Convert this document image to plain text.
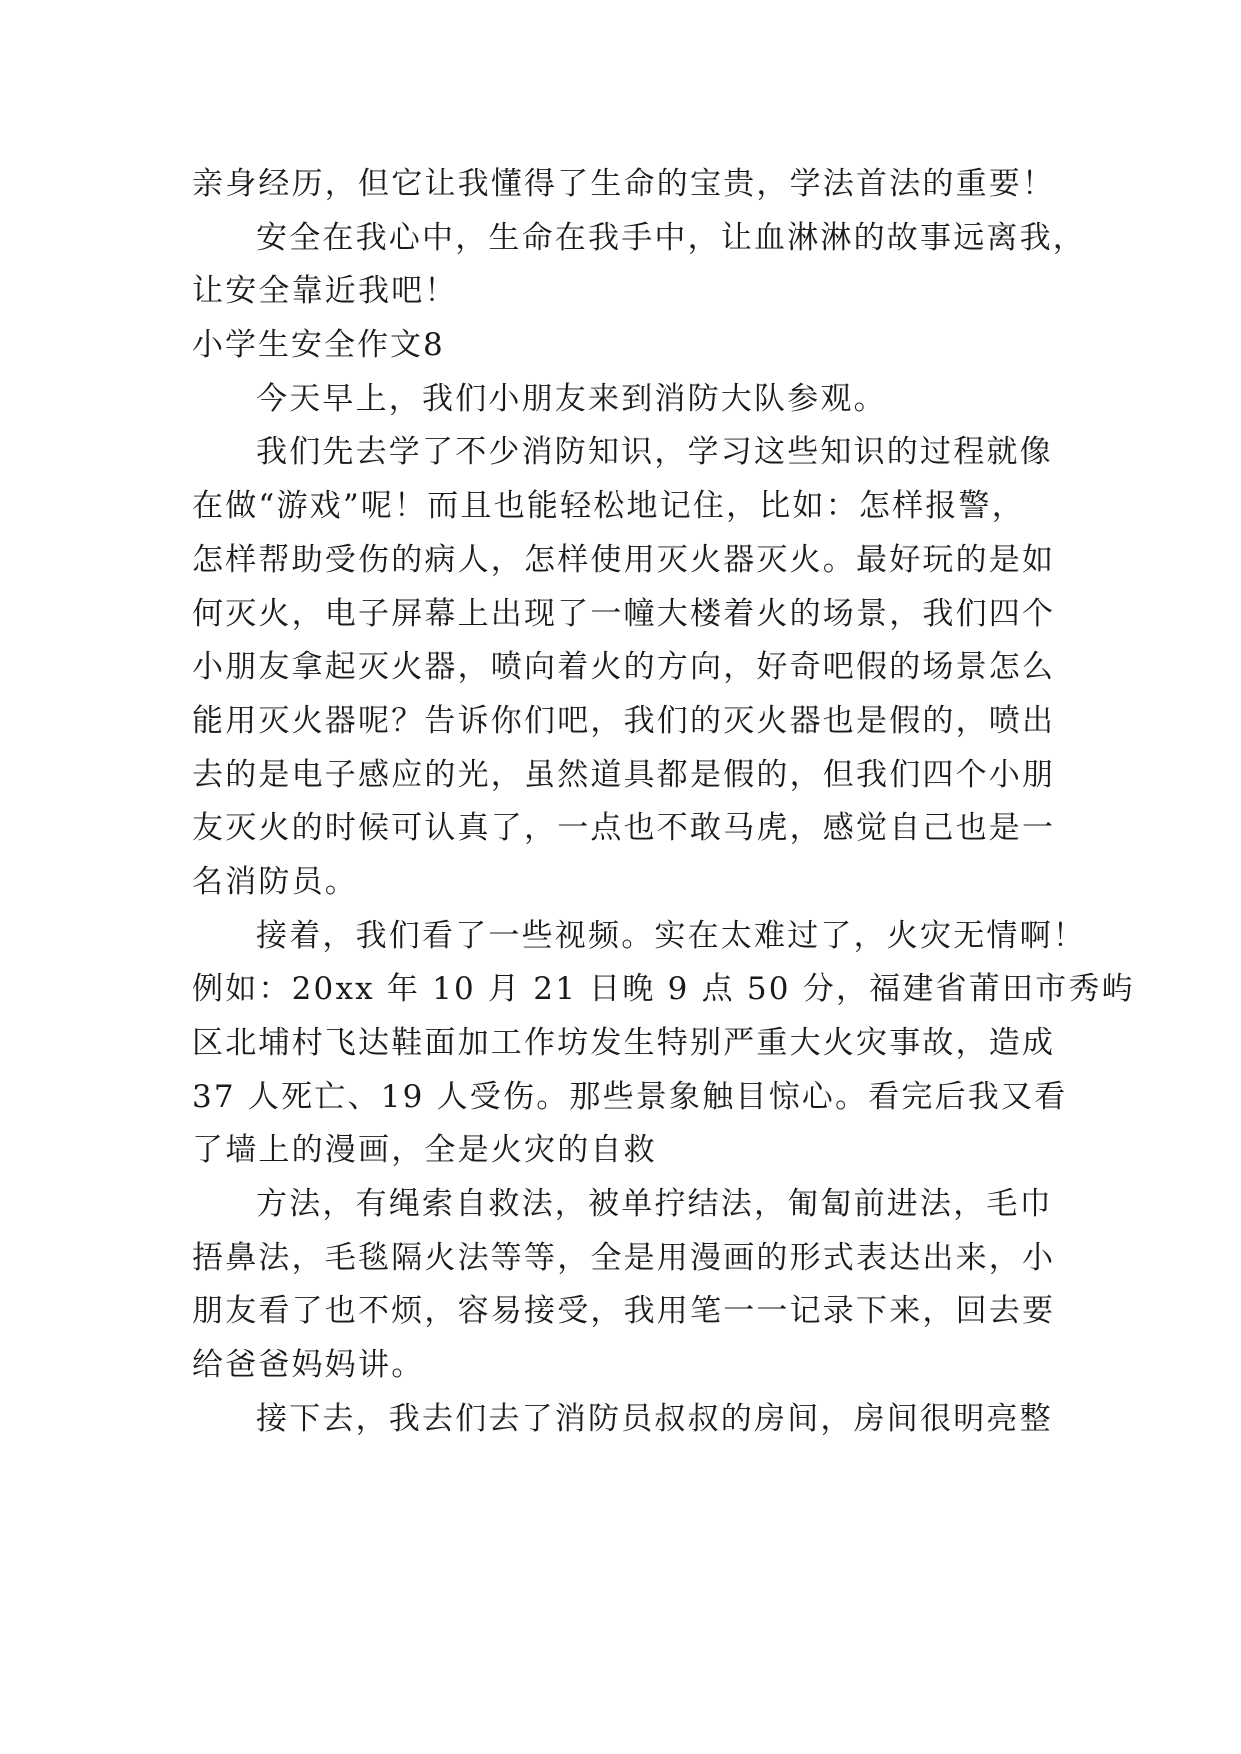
亲身经历，但它让我懂得了生命的宝贵，学法首法的重要！
安全在我心中，生命在我手中，让血淋淋的故事远离我，
让安全靠近我吧！
小学生安全作文8
今天早上，我们小朋友来到消防大队参观。
我们先去学了不少消防知识，学习这些知识的过程就像
在做“游戏”呢！而且也能轻松地记住，比如：怎样报警，
怎样帮助受伤的病人，怎样使用灭火器灭火。最好玩的是如
何灭火，电子屏幕上出现了一幢大楼着火的场景，我们四个
小朋友拿起灭火器，喷向着火的方向，好奇吧假的场景怎么
能用灭火器呢？告诉你们吧，我们的灭火器也是假的，喷出
去的是电子感应的光，虽然道具都是假的，但我们四个小朋
友灭火的时候可认真了，一点也不敢马虎，感觉自己也是一
名消防员。
接着，我们看了一些视频。实在太难过了，火灾无情啊！
例如：20xx 年 10 月 21 日晚 9 点 50 分，福建省莆田市秀屿
区北埔村飞达鞋面加工作坊发生特别严重大火灾事故，造成
37 人死亡、19 人受伤。那些景象触目惊心。看完后我又看
了墙上的漫画，全是火灾的自救
方法，有绳索自救法，被单拧结法，匍匐前进法，毛巾
捂鼻法，毛毯隔火法等等，全是用漫画的形式表达出来，小
朋友看了也不烦，容易接受，我用笔一一记录下来，回去要
给爸爸妈妈讲。
接下去，我去们去了消防员叔叔的房间，房间很明亮整
